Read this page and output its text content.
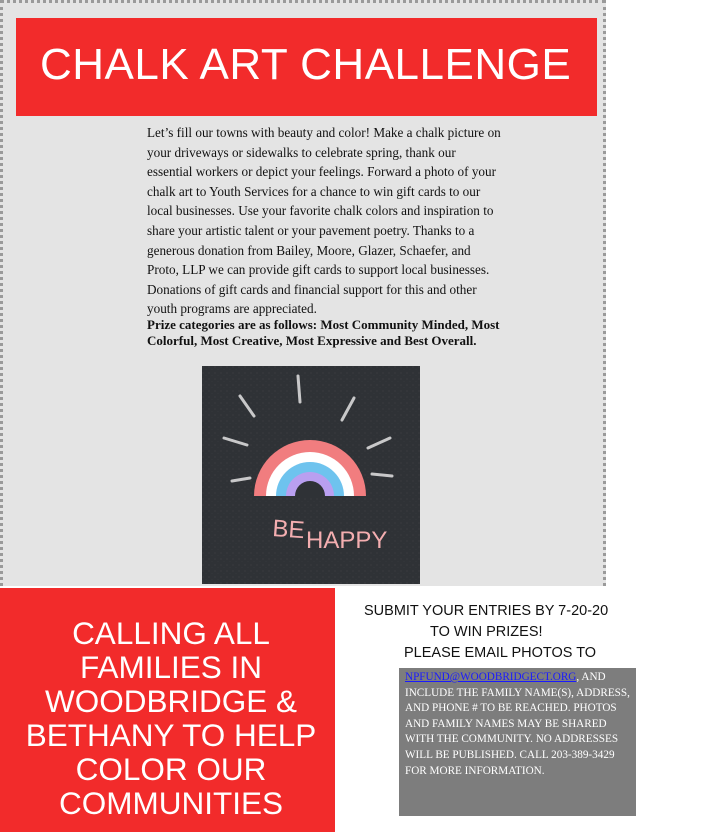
CHALK ART CHALLENGE
Let’s fill our towns with beauty and color! Make a chalk picture on your driveways or sidewalks to celebrate spring, thank our essential workers or depict your feelings. Forward a photo of your chalk art to Youth Services for a chance to win gift cards to our local businesses. Use your favorite chalk colors and inspiration to share your artistic talent or your pavement poetry. Thanks to a generous donation from Bailey, Moore, Glazer, Schaefer, and Proto, LLP we can provide gift cards to support local businesses. Donations of gift cards and financial support for this and other youth programs are appreciated.
Prize categories are as follows: Most Community Minded, Most Colorful, Most Creative, Most Expressive and Best Overall.
BE HAPPY
CALLING ALL
FAMILIES IN
WOODBRIDGE &
BETHANY TO HELP
COLOR OUR
COMMUNITIES
SUBMIT YOUR ENTRIES BY 7-20-20
TO WIN PRIZES!
PLEASE EMAIL PHOTOS TO
NPFUND@WOODBRIDGECT.ORG, AND INCLUDE THE FAMILY NAME(S), ADDRESS, AND PHONE # TO BE REACHED. PHOTOS AND FAMILY NAMES MAY BE SHARED WITH THE COMMUNITY. NO ADDRESSES WILL BE PUBLISHED. CALL 203-389-3429 FOR MORE INFORMATION.
